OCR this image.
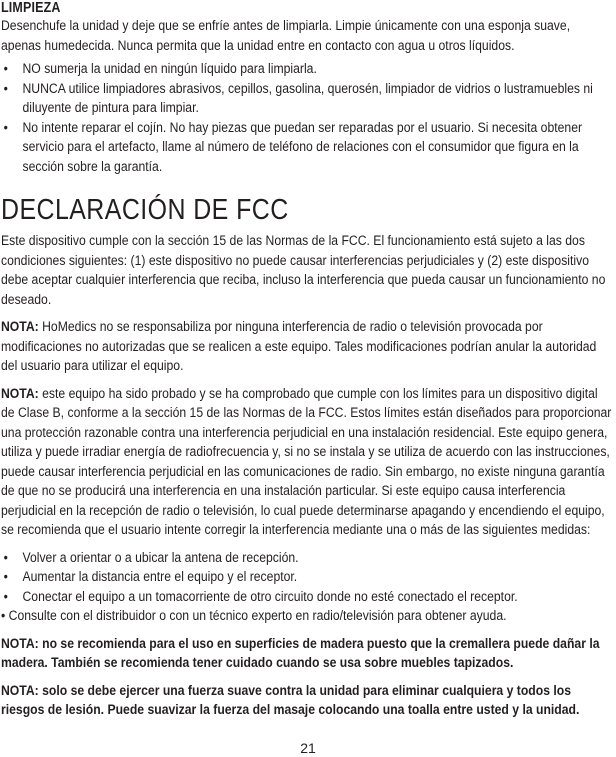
LIMPIEZA

Desenchufe la unidad y deje que se enfríe antes de limpiarla. Limpie únicamente con una esponja suave, apenas humedecida. Nunca permita que la unidad entre en contacto con agua u otros líquidos.

• NO sumerja la unidad en ningún líquido para limpiarla.
• NUNCA utilice limpiadores abrasivos, cepillos, gasolina, querosén, limpiador de vidrios o lustramuebles ni diluyente de pintura para limpiar.
• No intente reparar el cojín. No hay piezas que puedan ser reparadas por el usuario. Si necesita obtener servicio para el artefacto, llame al número de teléfono de relaciones con el consumidor que figura en la sección sobre la garantía.
DECLARACIÓN DE FCC

Este dispositivo cumple con la sección 15 de las Normas de la FCC. El funcionamiento está sujeto a las dos condiciones siguientes: (1) este dispositivo no puede causar interferencias perjudiciales y (2) este dispositivo debe aceptar cualquier interferencia que reciba, incluso la interferencia que pueda causar un funcionamiento no deseado.

NOTA: HoMedics no se responsabiliza por ninguna interferencia de radio o televisión provocada por modificaciones no autorizadas que se realicen a este equipo. Tales modificaciones podrían anular la autoridad del usuario para utilizar el equipo.

NOTA: este equipo ha sido probado y se ha comprobado que cumple con los límites para un dispositivo digital de Clase B, conforme a la sección 15 de las Normas de la FCC. Estos límites están diseñados para proporcionar una protección razonable contra una interferencia perjudicial en una instalación residencial. Este equipo genera, utiliza y puede irradiar energía de radiofrecuencia y, si no se instala y se utiliza de acuerdo con las instrucciones, puede causar interferencia perjudicial en las comunicaciones de radio. Sin embargo, no existe ninguna garantía de que no se producirá una interferencia en una instalación particular. Si este equipo causa interferencia perjudicial en la recepción de radio o televisión, lo cual puede determinarse apagando y encendiendo el equipo, se recomienda que el usuario intente corregir la interferencia mediante una o más de las siguientes medidas:

• Volver a orientar o a ubicar la antena de recepción.
• Aumentar la distancia entre el equipo y el receptor.
• Conectar el equipo a un tomacorriente de otro circuito donde no esté conectado el receptor.

• Consulte con el distribuidor o con un técnico experto en radio/televisión para obtener ayuda.

NOTA: no se recomienda para el uso en superficies de madera puesto que la cremallera puede dañar la madera. También se recomienda tener cuidado cuando se usa sobre muebles tapizados.

NOTA: solo se debe ejercer una fuerza suave contra la unidad para eliminar cualquiera y todos los riesgos de lesión. Puede suavizar la fuerza del masaje colocando una toalla entre usted y la unidad.

21
